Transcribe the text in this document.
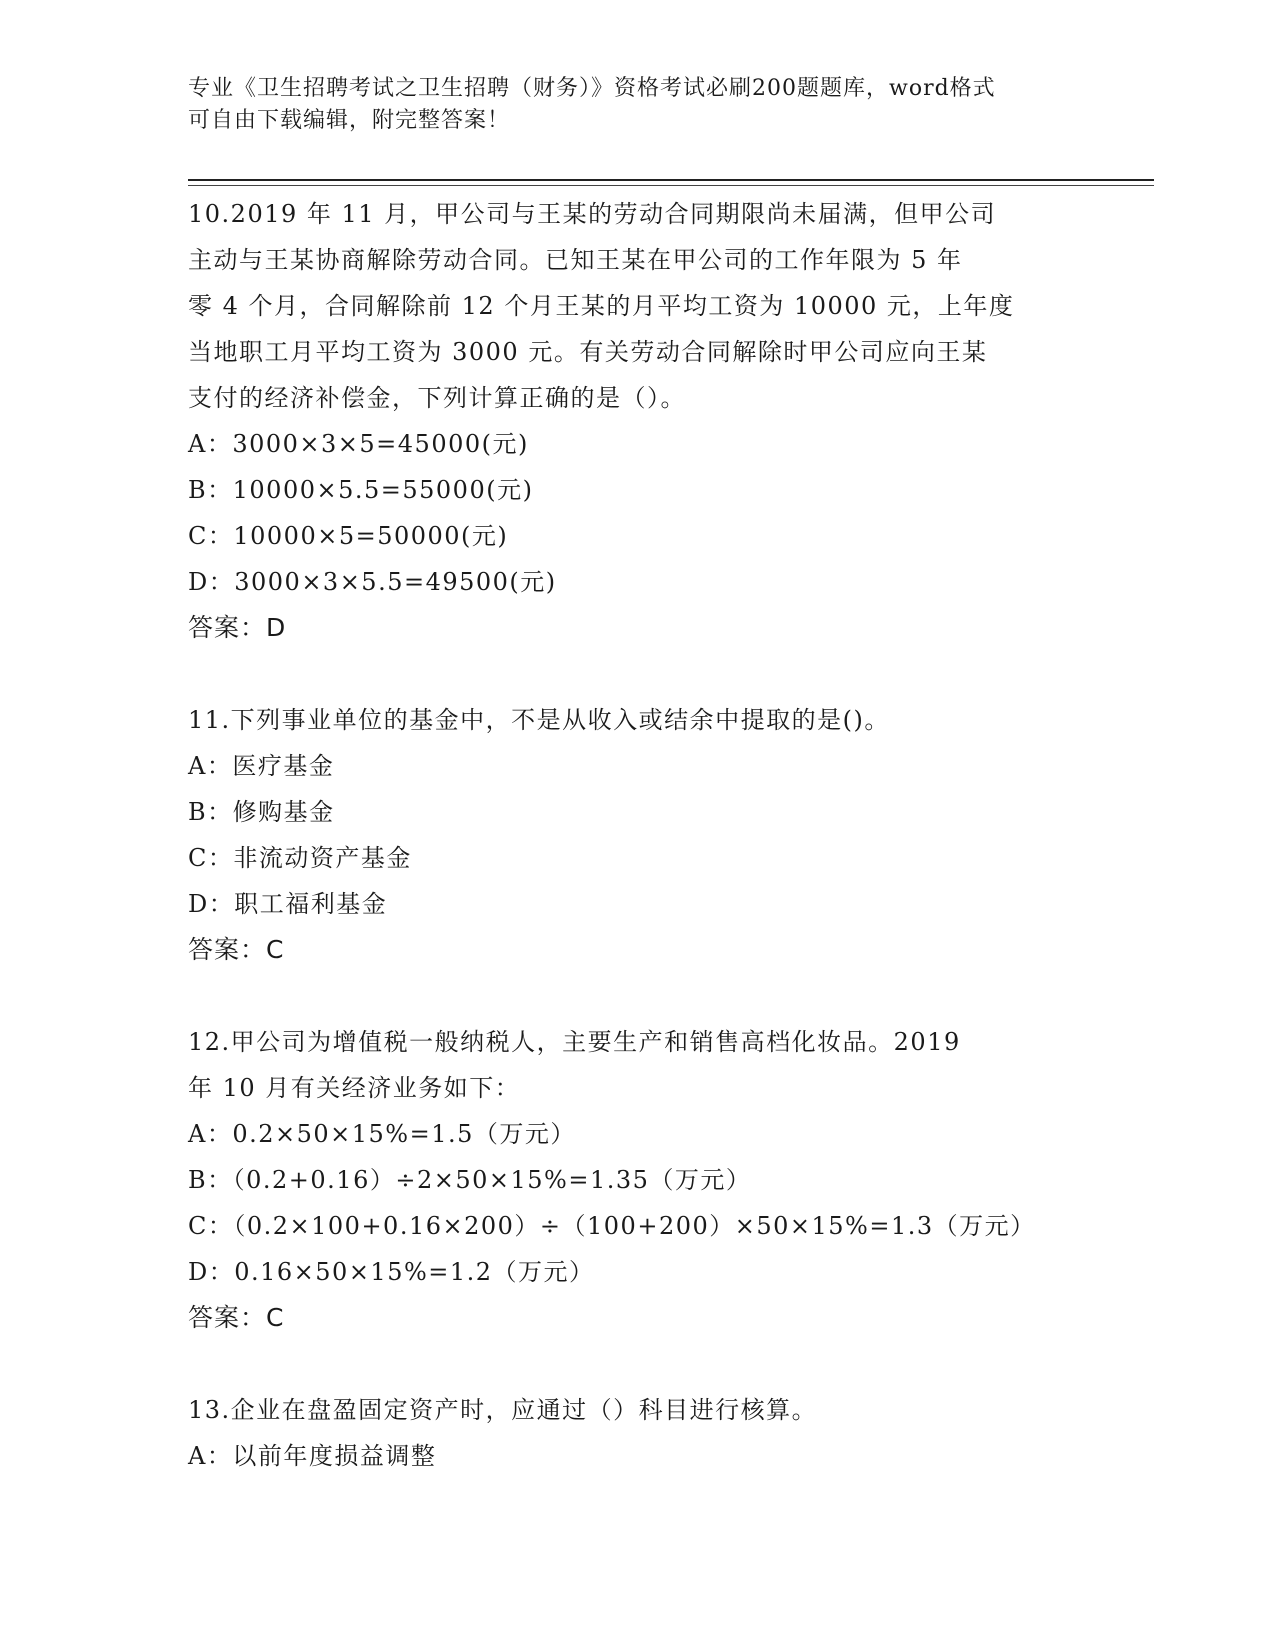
专业《卫生招聘考试之卫生招聘（财务）》资格考试必刷200题题库，word格式
可自由下载编辑，附完整答案！
10.2019 年 11 月，甲公司与王某的劳动合同期限尚未届满，但甲公司
主动与王某协商解除劳动合同。已知王某在甲公司的工作年限为 5 年
零 4 个月，合同解除前 12 个月王某的月平均工资为 10000 元，上年度
当地职工月平均工资为 3000 元。有关劳动合同解除时甲公司应向王某
支付的经济补偿金，下列计算正确的是（）。
A：3000×3×5=45000(元)
B：10000×5.5=55000(元)
C：10000×5=50000(元)
D：3000×3×5.5=49500(元)
答案：D
11.下列事业单位的基金中，不是从收入或结余中提取的是()。
A：医疗基金
B：修购基金
C：非流动资产基金
D：职工福利基金
答案：C
12.甲公司为增值税一般纳税人，主要生产和销售高档化妆品。2019
年 10 月有关经济业务如下：
A：0.2×50×15%=1.5（万元）
B：（0.2+0.16）÷2×50×15%=1.35（万元）
C：（0.2×100+0.16×200）÷（100+200）×50×15%=1.3（万元）
D：0.16×50×15%=1.2（万元）
答案：C
13.企业在盘盈固定资产时，应通过（）科目进行核算。
A：以前年度损益调整
